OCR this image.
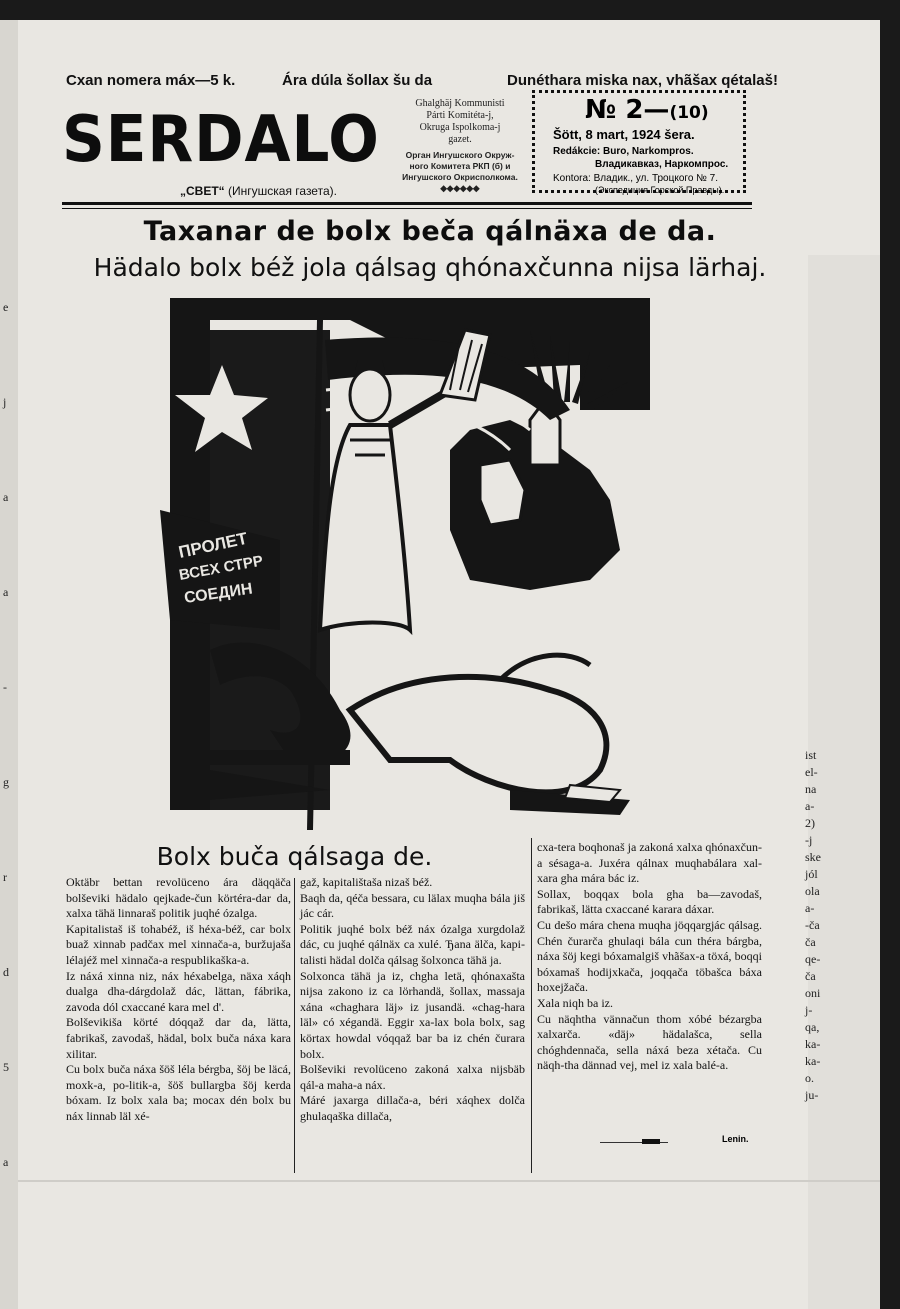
Cxan nomera máx—5 k.	Ára dúla šollax šu da	Dunéthara miska nax, vhãšax qétalaš!
SERDALO
„СВЕТ“ (Ингушская газета).
Ghalghäj Kommunisti
Párti Komitéta-j,
Okruga Ispolkoma-j
gazet.
Орган Ингушского Окруж-
ного Комитета РКП (б) и
Ингушского Окрисполкома.
◆◆◆◆◆◆
№ 2—(10)
Šött, 8 mart, 1924 šera.
Redákcie: Buro, Narkompros.
Владикавказ, Наркомпрос.
Kontora: Владик., ул. Троцкого № 7.
(Экспедиция Горской Правды).
Taxanar de bolx beča qálnäxa de da.
Hädalo bolx béž jola qálsag qhónaxčunna nijsa lärhaj.
ПРОЛЕТ
ВСЕХ СТРР
СОЕДИН
Bolx buča qálsaga de.
Oktäbr bettan revolüceno ára däqqäča bolševiki hädalo qejkade-čun körtéra-dar da, xalxa tähä linnaraš politik juqhé ózalga.
Kapitalistaš iš tohabéž, iš héxa-béž, car bolx buaž xinnab padčax mel xinnača-a, buržujaša lélajéž mel xinnača-a respublikaška-a.
Iz náxá xinna niz, náx héxabelga, näxa xáqh dualga dha-dárgdolaž dác, lättan, fábrika, zavoda dól cxaccané kara mel d'.
Bolševikiša körté dóqqaž dar da, lätta, fabrikaš, zavodaš, hädal, bolx buča náxa kara xilitar.
Cu bolx buča náxa šöš léla bérgba, šöj be läcá, moxk-a, po-litik-a, šöš bullargba šöj kerda bóxam. Iz bolx xala ba; mocax dén bolx bu náx linnab läl xé-
gaž, kapitalištaša nizaš béž.
Baqh da, qéča bessara, cu lälax muqha bála jiš jác cár.
Politik juqhé bolx béž náx ózalga xurgdolaž dác, cu juqhé qálnäx ca xulé. Ђana älča, kapi-talisti hädal dolča qálsag šolxonca tähä ja.
Solxonca tähä ja iz, chgha letä, qhónaxašta nijsa zakono iz ca lörhandä, šollax, massaja xána «chaghara läj» iz jusandä. «chag-hara läl» có xégandä. Eggir xa-lax bola bolx, sag körtax howdal vóqqaž bar ba iz chén čurara bolx.
Bolševiki revolüceno zakoná xalxa nijsbäb qál-a maha-a náx.
Máré jaxarga dillača-a, béri xáqhex dolča ghulaqaška dillača,
cxa-tera boqhonaš ja zakoná xalxa qhónaxčun-a sésaga-a. Juxéra qálnax muqhabálara xal-xara gha mára bác iz.
Sollax, boqqax bola gha ba—zavodaš, fabrikaš, lätta cxaccané karara dáxar.
Cu dešo mára chena muqha jöqqargjác qálsag. Chén čurarča ghulaqi bála cun théra bárgba, náxa šöj kegi bóxamalgiš vhãšax-a töxá, boqqi bóxamaš hodijxkača, joqqača töbašca báxa hoxejžača.
Xala niqh ba iz.
Cu näqhtha vännačun thom xóbé bézargba xalxarča. «däj» hädalašca, sella chóghdennača, sella náxá beza xétača. Cu näqh-tha dännad vej, mel iz xala balé-a.
Lenin.
e
j
a
a
-
g
r
d
5
a
ist
el-
na
a-
2)
-j
ske
jól
ola
a-
-ča
ča
qe-
ča
oni
j-
qa,
ka-
ka-
o.
ju-
